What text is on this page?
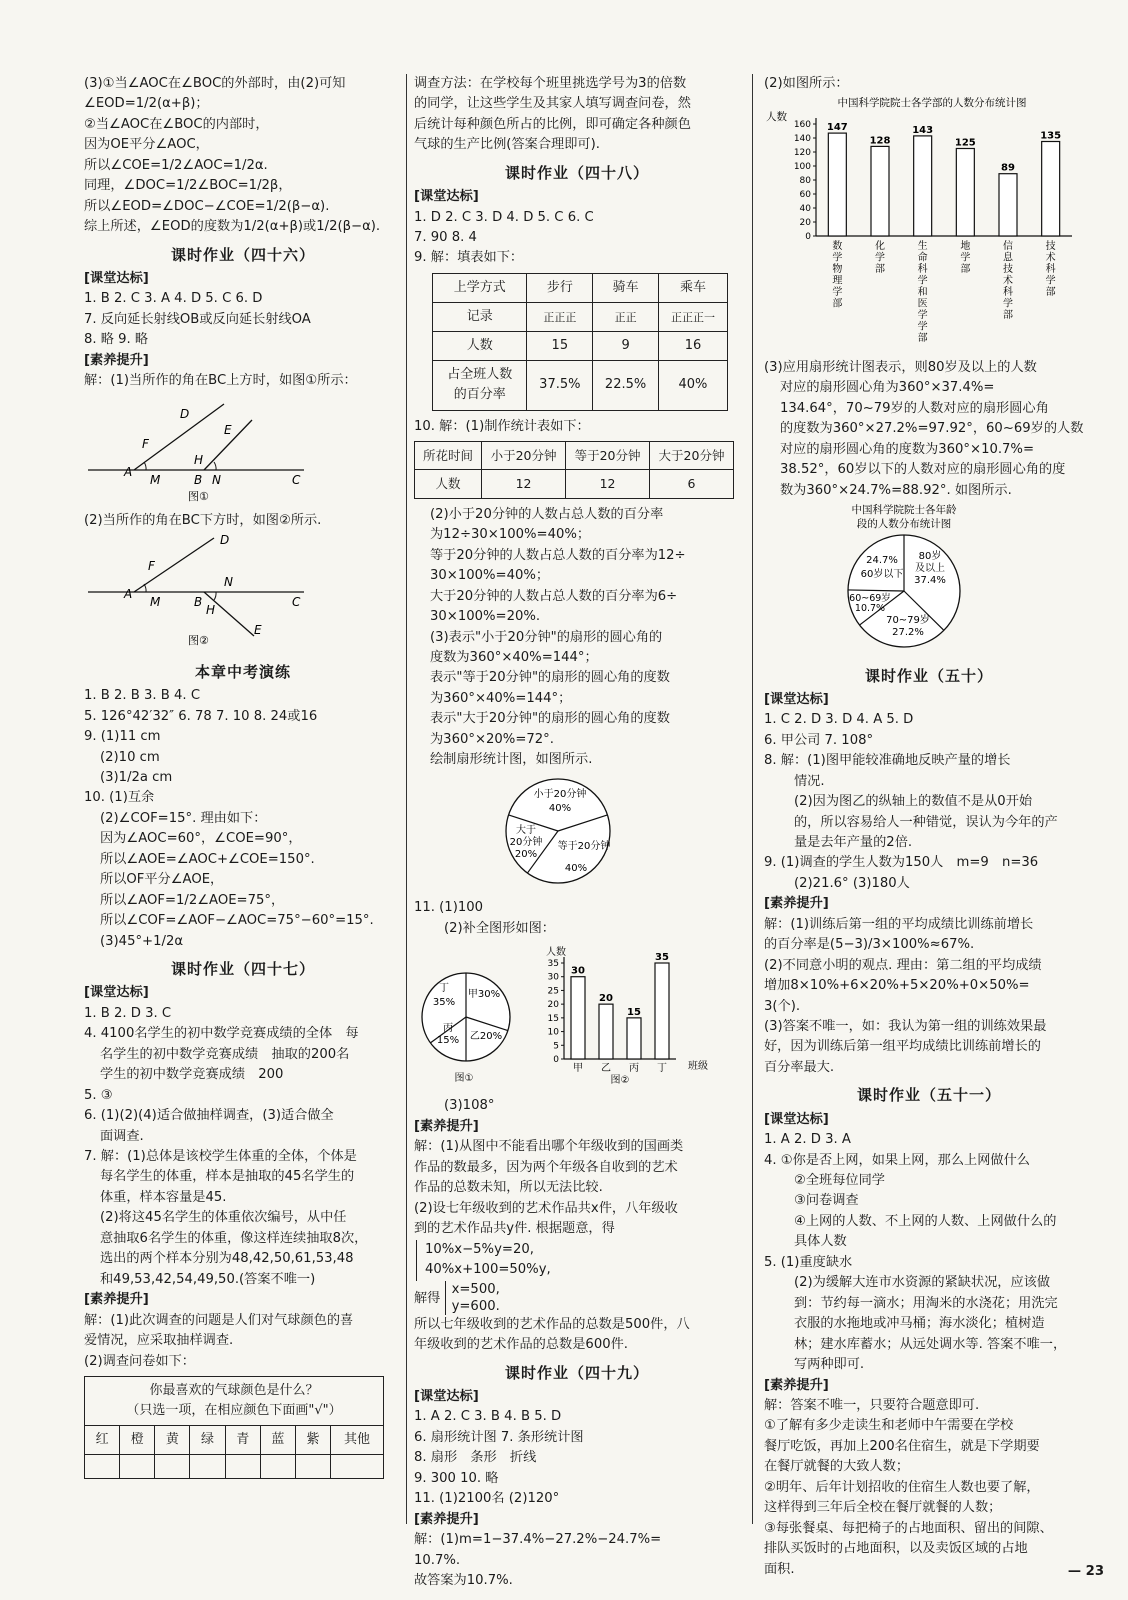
(3)①当∠AOC在∠BOC的外部时，由(2)可知
∠EOD=1/2(α+β)；
②当∠AOC在∠BOC的内部时，
因为OE平分∠AOC，
所以∠COE=1/2∠AOC=1/2α.
同理，∠DOC=1/2∠BOC=1/2β，
所以∠EOD=∠DOC−∠COE=1/2(β−α).
综上所述，∠EOD的度数为1/2(α+β)或1/2(β−α).
课时作业（四十六）
[课堂达标]
1. B 2. C 3. A 4. D 5. C 6. D
7. 反向延长射线OB或反向延长射线OA
8. 略 9. 略
[素养提升]
解：(1)当所作的角在BC上方时，如图①所示：
D
E
F
H
A
M	B N	C
图①
(2)当所作的角在BC下方时，如图②所示.
D
F
A
M	B
H
N
C
E
图②
本章中考演练
1. B 2. B 3. B 4. C
5. 126°42′32″ 6. 78 7. 10 8. 24或16
9. (1)11 cm
(2)10 cm
(3)1/2a cm
10. (1)互余
(2)∠COF=15°. 理由如下：
因为∠AOC=60°，∠COE=90°，
所以∠AOE=∠AOC+∠COE=150°.
所以OF平分∠AOE，
所以∠AOF=1/2∠AOE=75°，
所以∠COF=∠AOF−∠AOC=75°−60°=15°.
(3)45°+1/2α
课时作业（四十七）
[课堂达标]
1. B 2. D 3. C
4. 4100名学生的初中数学竞赛成绩的全体　每
名学生的初中数学竞赛成绩　抽取的200名
学生的初中数学竞赛成绩　200
5. ③
6. (1)(2)(4)适合做抽样调查，(3)适合做全
面调查.
7. 解：(1)总体是该校学生体重的全体，个体是
每名学生的体重，样本是抽取的45名学生的
体重，样本容量是45.
(2)将这45名学生的体重依次编号，从中任
意抽取6名学生的体重，像这样连续抽取8次，
选出的两个样本分别为48,42,50,61,53,48
和49,53,42,54,49,50.(答案不唯一)
[素养提升]
解：(1)此次调查的问题是人们对气球颜色的喜
爱情况，应采取抽样调查.
(2)调查问卷如下：
你最喜欢的气球颜色是什么？							
（只选一项，在相应颜色下面画"√"）							
红	橙	黄	绿	青	蓝	紫	其他

调查方法：在学校每个班里挑选学号为3的倍数
的同学，让这些学生及其家人填写调查问卷，然
后统计每种颜色所占的比例，即可确定各种颜色
气球的生产比例(答案合理即可).
课时作业（四十八）
[课堂达标]
1. D 2. C 3. D 4. D 5. C 6. C
7. 90 8. 4
9. 解：填表如下：
上学方式	步行	骑车	乘车
记录	正正正	正正	正正正一
人数	15	9	16
占全班人数
的百分率	37.5%	22.5%	40%
10. 解：(1)制作统计表如下：
所花时间	小于20分钟	等于20分钟	大于20分钟
人数	12	12	6
(2)小于20分钟的人数占总人数的百分率
为12÷30×100%=40%；
等于20分钟的人数占总人数的百分率为12÷
30×100%=40%；
大于20分钟的人数占总人数的百分率为6÷
30×100%=20%.
(3)表示"小于20分钟"的扇形的圆心角的
度数为360°×40%=144°；
表示"等于20分钟"的扇形的圆心角的度数
为360°×40%=144°；
表示"大于20分钟"的扇形的圆心角的度数
为360°×20%=72°.
绘制扇形统计图，如图所示.
小于20分钟
40%
大于
20分钟
20%
等于20分钟
40%
11. (1)100
(2)补全图形如图：
丁
35%
甲30%
丙
15% 乙20%
0
5
10
15
20
25
30
35
30
甲
20
乙
15
丙
35
丁
人数
班级
图①	图②
(3)108°
[素养提升]
解：(1)从图中不能看出哪个年级收到的国画类
作品的数最多，因为两个年级各自收到的艺术
作品的总数未知，所以无法比较.
(2)设七年级收到的艺术作品共x件，八年级收
到的艺术作品共y件. 根据题意，得
10%x−5%y=20,
40%x+100=50%y,
解得 x=500,
y=600.
所以七年级收到的艺术作品的总数是500件，八
年级收到的艺术作品的总数是600件.
课时作业（四十九）
[课堂达标]
1. A 2. C 3. B 4. B 5. D
6. 扇形统计图 7. 条形统计图
8. 扇形　条形　折线
9. 300 10. 略
11. (1)2100名 (2)120°
[素养提升]
解：(1)m=1−37.4%−27.2%−24.7%=
10.7%.
故答案为10.7%.
(2)如图所示：
中国科学院院士各学部的人数分布统计图
人数
0
20
40
60
80
100
120
140
160 147
数
学
物
理
学
部
128
化
学
部
143
生
命
科
学
和
医
学
学
部
125
地
学
部
89
信
息
技
术
科
学
部
135
技
术
科
学
部
(3)应用扇形统计图表示，则80岁及以上的人数
对应的扇形圆心角为360°×37.4%=
134.64°，70~79岁的人数对应的扇形圆心角
的度数为360°×27.2%=97.92°，60~69岁的人数
对应的扇形圆心角的度数为360°×10.7%=
38.52°，60岁以下的人数对应的扇形圆心角的度
数为360°×24.7%=88.92°. 如图所示.
中国科学院院士各年龄
段的人数分布统计图
24.7%
60岁以下
80岁
及以上
37.4%
60~69岁
10.7%
70~79岁
27.2%
课时作业（五十）
[课堂达标]
1. C 2. D 3. D 4. A 5. D
6. 甲公司 7. 108°
8. 解：(1)图甲能较准确地反映产量的增长
情况.
(2)因为图乙的纵轴上的数值不是从0开始
的，所以容易给人一种错觉，误认为今年的产
量是去年产量的2倍.
9. (1)调查的学生人数为150人　m=9　n=36
(2)21.6° (3)180人
[素养提升]
解：(1)训练后第一组的平均成绩比训练前增长
的百分率是(5−3)/3×100%≈67%.
(2)不同意小明的观点. 理由：第二组的平均成绩
增加8×10%+6×20%+5×20%+0×50%=
3(个).
(3)答案不唯一，如：我认为第一组的训练效果最
好，因为训练后第一组平均成绩比训练前增长的
百分率最大.
课时作业（五十一）
[课堂达标]
1. A 2. D 3. A
4. ①你是否上网，如果上网，那么上网做什么
②全班每位同学
③问卷调查
④上网的人数、不上网的人数、上网做什么的
具体人数
5. (1)重度缺水
(2)为缓解大连市水资源的紧缺状况，应该做
到：节约每一滴水；用淘米的水浇花；用洗完
衣服的水拖地或冲马桶；海水淡化；植树造
林；建水库蓄水；从远处调水等. 答案不唯一，
写两种即可.
[素养提升]
解：答案不唯一，只要符合题意即可.
①了解有多少走读生和老师中午需要在学校
餐厅吃饭，再加上200名住宿生，就是下学期要
在餐厅就餐的大致人数；
②明年、后年计划招收的住宿生人数也要了解，
这样得到三年后全校在餐厅就餐的人数；
③每张餐桌、每把椅子的占地面积、留出的间隙、
排队买饭时的占地面积，以及卖饭区域的占地
面积.	— 23
